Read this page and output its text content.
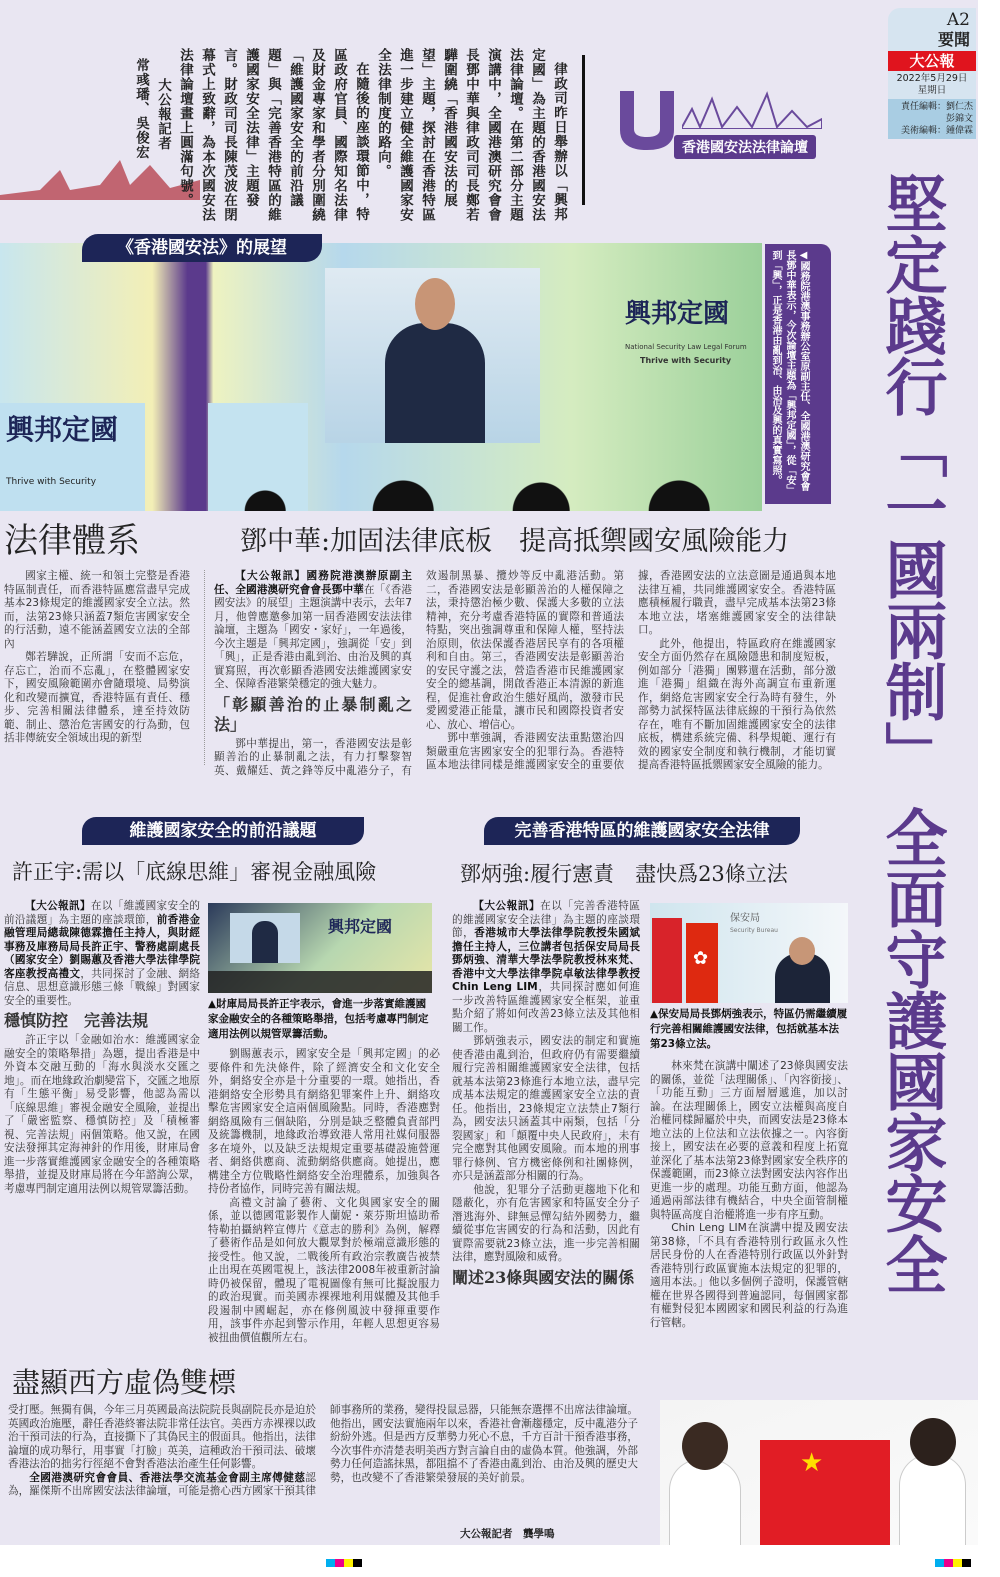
A2
要聞
大公報
2022年5月29日
星期日
責任編輯：劉仁杰 彭錦文
美術編輯：鍾偉霖
堅定踐行「一國兩制」全面守護國家安全

律政司昨日舉辦以「興邦定國」為主題的香港國安法法律論壇。在第二部分主題演講中，全國港澳研究會會長鄧中華與律政司司長鄭若驊圍繞「香港國安法的展望」主題，探討在香港特區進一步建立健全維護國家安全法律制度的路向。

在隨後的座談環節中，特區政府官員、國際知名法律及財金專家和學者分別圍繞「維護國家安全的前沿議題」與「完善香港特區的維護國家安全法律」主題發言。財政司司長陳茂波在閉幕式上致辭，為本次國安法法律論壇畫上圓滿句號。

大公報記者

常彧璠、吳俊宏	香港國安法法律論壇
興邦定國
National Security Law Legal Forum
Thrive with Security
興邦定國
Thrive with Security
《香港國安法》的展望
◀國務院港澳事務辦公室原副主任、全國港澳研究會會長鄧中華表示，今次論壇主題為「興邦定國」，從「安」到「興」，正是香港由亂到治、由治及興的真實寫照。
法律體系	鄧中華:加固法律底板　提高抵禦國安風險能力

國家主權、統一和領土完整是香港特區制責任，而香港特區應當盡早完成基本23條規定的維護國家安全立法。然而，法第23條只涵蓋7類危害國家安全的行活動，遠不能涵蓋國安立法的全部內

鄭若驊說，正所謂「安而不忘危，存忘亡，治而不忘亂」，在整體國家安下，國安風險範圍亦會隨環境、局勢演化和改變而擴寬，香港特區有責任、穩步、完善相關法律體系，達至持效防範、制止、懲治危害國安的行為動，包括非傳統安全領域出現的新型

【大公報訊】國務院港澳辦原副主任、全國港澳研究會會長鄧中華在「《香港國安法》的展望」主題演講中表示，去年7月，他曾應邀參加第一屆香港國安法法律論壇，主題為「國安・家好」，一年過後，今次主題是「興邦定國」，強調從「安」到「興」，正是香港由亂到治、由治及興的真實寫照，再次彰顯香港國安法維護國家安全、保障香港繁榮穩定的強大魅力。

「彰顯善治的止暴制亂之法」

鄧中華提出，第一，香港國安法是彰顯善治的止暴制亂之法，有力打擊黎智英、戴耀廷、黃之鋒等反中亂港分子，有效遏制黑暴、攬炒等反中亂港活動。第二，香港國安法是彰顯善治的人權保障之法，秉持懲治極少數、保護大多數的立法精神，充分考慮香港特區的實際和普通法特點，突出強調尊重和保障人權，堅持法治原則，依法保護香港居民享有的各項權利和自由。第三，香港國安法是彰顯善治的安民守護之法，營造香港市民維護國家安全的總基調，開啟香港正本清源的新進程，促進社會政治生態好風尚，激發市民愛國愛港正能量，讓市民和國際投資者安心、放心、增信心。

鄧中華強調，香港國安法重點懲治四類嚴重危害國家安全的犯罪行為。香港特區本地法律同樣是維護國家安全的重要依據，香港國安法的立法意圖是通過與本地法律互補，共同維護國家安全。香港特區應積極履行職責，盡早完成基本法第23條本地立法，堵塞維護國家安全的法律缺口。

此外，他提出，特區政府在維護國家安全方面仍然存在風險隱患和制度短板，例如部分「港獨」團夥還在活動，部分激進「港獨」組織在海外高調宣布重新運作，網絡危害國家安全行為時有發生，外部勢力試探特區法律底線的干預行為依然存在，唯有不斷加固維護國家安全的法律底板，構建系統完備、科學規範、運行有效的國家安全制度和執行機制，才能切實提高香港特區抵禦國家安全風險的能力。

維護國家安全的前沿議題	完善香港特區的維護國家安全法律
許正宇:需以「底線思維」審視金融風險	鄧炳強:履行憲責　盡快爲23條立法

【大公報訊】在以「維護國家安全的前沿議題」為主題的座談環節，前香港金融管理局總裁陳德霖擔任主持人，與財經事務及庫務局局長許正宇、警務處副處長（國家安全）劉賜蕙及香港大學法律學院客座教授高禮文，共同探討了金融、網絡信息、思想意識形態三條「戰線」對國家安全的重要性。

穩慎防控　完善法規

許正宇以「金融如治水：維護國家金融安全的策略舉措」為題，提出香港是中外資本交融互動的「海水與淡水交匯之地」。而在地緣政治劇變當下，交匯之地原有「生態平衡」易受影響，他認為需以「底線思維」審視金融安全風險，並提出了「嚴密監察、穩慎防控」及「積極審視、完善法規」兩個策略。他又說，在國安法發揮其定海神針的作用後，財庫局會進一步落實維護國家金融安全的各種策略舉措，並提及財庫局將在今年諮詢公眾，考慮專門制定適用法例以規管眾籌活動。

興邦定國
▲財庫局局長許正宇表示，會進一步落實維護國家金融安全的各種策略舉措，包括考慮專門制定適用法例以規管眾籌活動。

劉賜蕙表示，國家安全是「興邦定國」的必要條件和先決條件，除了經濟安全和文化安全外，網絡安全亦是十分重要的一環。她指出，香港網絡安全形勢具有網絡犯罪案件上升、網絡攻擊危害國家安全這兩個風險點。同時，香港應對網絡風險有三個缺陷，分別是缺乏整體負責部門及統籌機制，地緣政治導致港人常用社媒伺服器多在境外，以及缺乏法規規定重要基礎設施營運者、網絡供應商、流動網絡供應商。她提出，應構建全方位戰略性網絡安全治理體系，加強與各持份者協作，同時完善有關法規。

高禮文討論了藝術、文化與國家安全的關係，並以德國電影製作人蘭妮・萊芬斯坦協助希特勒拍攝納粹宣傳片《意志的勝利》為例，解釋了藝術作品是如何放大觀眾對於極端意識形態的接受性。他又說，二戰後所有政治宗教廣告被禁止出現在英國電視上，該法律2008年被重新討論時仍被保留，體現了電視圖像有無可比擬說服力的政治現實。而美國赤裸裸地利用媒體及其他手段遏制中國崛起，亦在修例風波中發揮重要作用，該事件亦起到警示作用，年輕人思想更容易被扭曲價值觀所左右。

【大公報訊】在以「完善香港特區的維護國家安全法律」為主題的座談環節，香港城市大學法律學院教授朱國斌擔任主持人，三位講者包括保安局局長鄧炳強、清華大學法學院教授林來梵、香港中文大學法律學院卓敏法律學教授Chin Leng LIM，共同探討應如何進一步改善特區維護國家安全框架，並重點介紹了將如何改善23條立法及其他相關工作。

鄧炳強表示，國安法的制定和實施使香港由亂到治，但政府仍有需要繼續履行完善相關維護國家安全法律，包括就基本法第23條進行本地立法，盡早完成基本法規定的維護國家安全立法的責任。他指出，23條規定立法禁止7類行為，國安法只涵蓋其中兩類，包括「分裂國家」和「顛覆中央人民政府」，未有完全應對其他國安風險。而本地的刑事罪行條例、官方機密條例和社團條例，亦只是涵蓋部分相關的行為。

他說，犯罪分子活動更趨地下化和隱蔽化，亦有危害國家和特區安全分子潛逃海外、肆無忌憚勾結外國勢力，繼續從事危害國安的行為和活動，因此有實際需要就23條立法，進一步完善相關法律，應對風險和威脅。

闡述23條與國安法的關係
✿
保安局
Security Bureau
▲保安局局長鄧炳強表示，特區仍需繼續履行完善相關維護國安法律，包括就基本法第23條立法。

林來梵在演講中闡述了23條與國安法的關係，並從「法理關係」、「內容銜接」、「功能互動」三方面層層遞進，加以討論。在法理關係上，國安立法權與高度自治權同樣歸屬於中央，而國安法是23條本地立法的上位法和立法依據之一。內容銜接上，國安法在必要的意義和程度上拓寬並深化了基本法第23條對國家安全秩序的保護範圍，而23條立法對國安法內容作出更進一步的處理。功能互動方面，他認為通過兩部法律有機結合，中央全面管制權與特區高度自治權將進一步有序互動。

Chin Leng LIM在演講中提及國安法第38條，「不具有香港特別行政區永久性居民身份的人在香港特別行政區以外針對香港特別行政區實施本法規定的犯罪的，適用本法。」他以多個例子證明，保護管轄權在世界各國得到普遍認同，每個國家都有權對侵犯本國國家和國民利益的行為進行管轄。

★
盡顯西方虛偽雙標

受打壓。無獨有偶，今年三月英國最高法院院長與副院長亦是迫於英國政治施壓，辭任香港終審法院非常任法官。美西方赤裸裸以政治干預司法的行為，直接撕下了其偽民主的假面具。他指出，法律論壇的成功舉行，用事實「打臉」英美，這種政治干預司法、破壞香港法治的拙劣行徑絕不會對香港法治產生任何影響。

全國港澳研究會會員、香港法學交流基金會副主席傅健慈認為，羅傑斯不出席國安法法律論壇，可能是擔心西方國家干預其律師事務所的業務，變得投鼠忌器，只能無奈選擇不出席法律論壇。他指出，國安法實施兩年以來，香港社會漸趨穩定，反中亂港分子紛紛外逃。但是西方反華勢力死心不息，千方百計干預香港事務，今次事件亦清楚表明美西方對言論自由的虛偽本質。他強調，外部勢力任何造謠抹黑，都阻擋不了香港由亂到治、由治及興的歷史大勢，也改變不了香港繁榮發展的美好前景。

大公報記者　 龔學鳴
